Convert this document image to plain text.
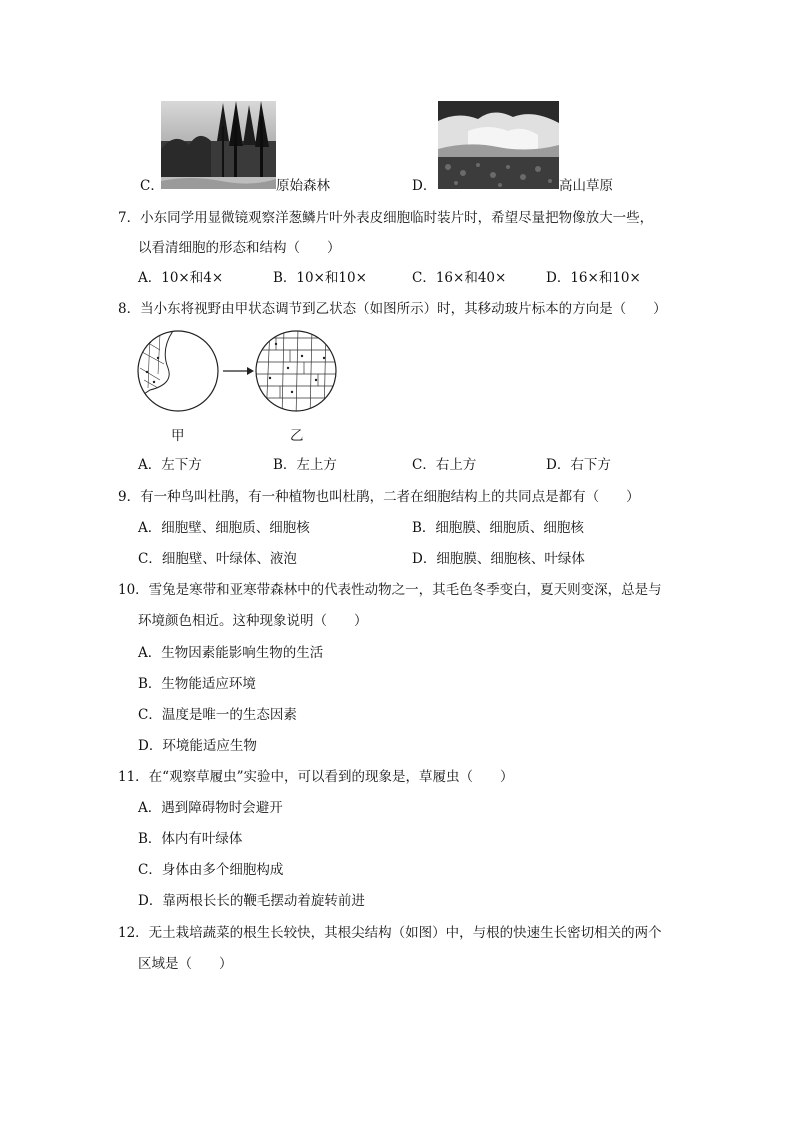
C．	原始森林	D．	高山草原
7．小东同学用显微镜观察洋葱鳞片叶外表皮细胞临时装片时，希望尽量把物像放大一些，
以看清细胞的形态和结构（　　）
A．10×和4×	B．10×和10×	C．16×和40×	D．16×和10×
8．当小东将视野由甲状态调节到乙状态（如图所示）时，其移动玻片标本的方向是（　　）
甲	乙
A．左下方	B．左上方	C．右上方	D．右下方
9．有一种鸟叫杜鹃，有一种植物也叫杜鹃，二者在细胞结构上的共同点是都有（　　）
A．细胞壁、细胞质、细胞核	B．细胞膜、细胞质、细胞核
C．细胞壁、叶绿体、液泡	D．细胞膜、细胞核、叶绿体
10．雪兔是寒带和亚寒带森林中的代表性动物之一，其毛色冬季变白，夏天则变深，总是与
环境颜色相近。这种现象说明（　　）
A．生物因素能影响生物的生活
B．生物能适应环境
C．温度是唯一的生态因素
D．环境能适应生物
11．在“观察草履虫”实验中，可以看到的现象是，草履虫（　　）
A．遇到障碍物时会避开
B．体内有叶绿体
C．身体由多个细胞构成
D．靠两根长长的鞭毛摆动着旋转前进
12．无土栽培蔬菜的根生长较快，其根尖结构（如图）中，与根的快速生长密切相关的两个
区域是（　　）
